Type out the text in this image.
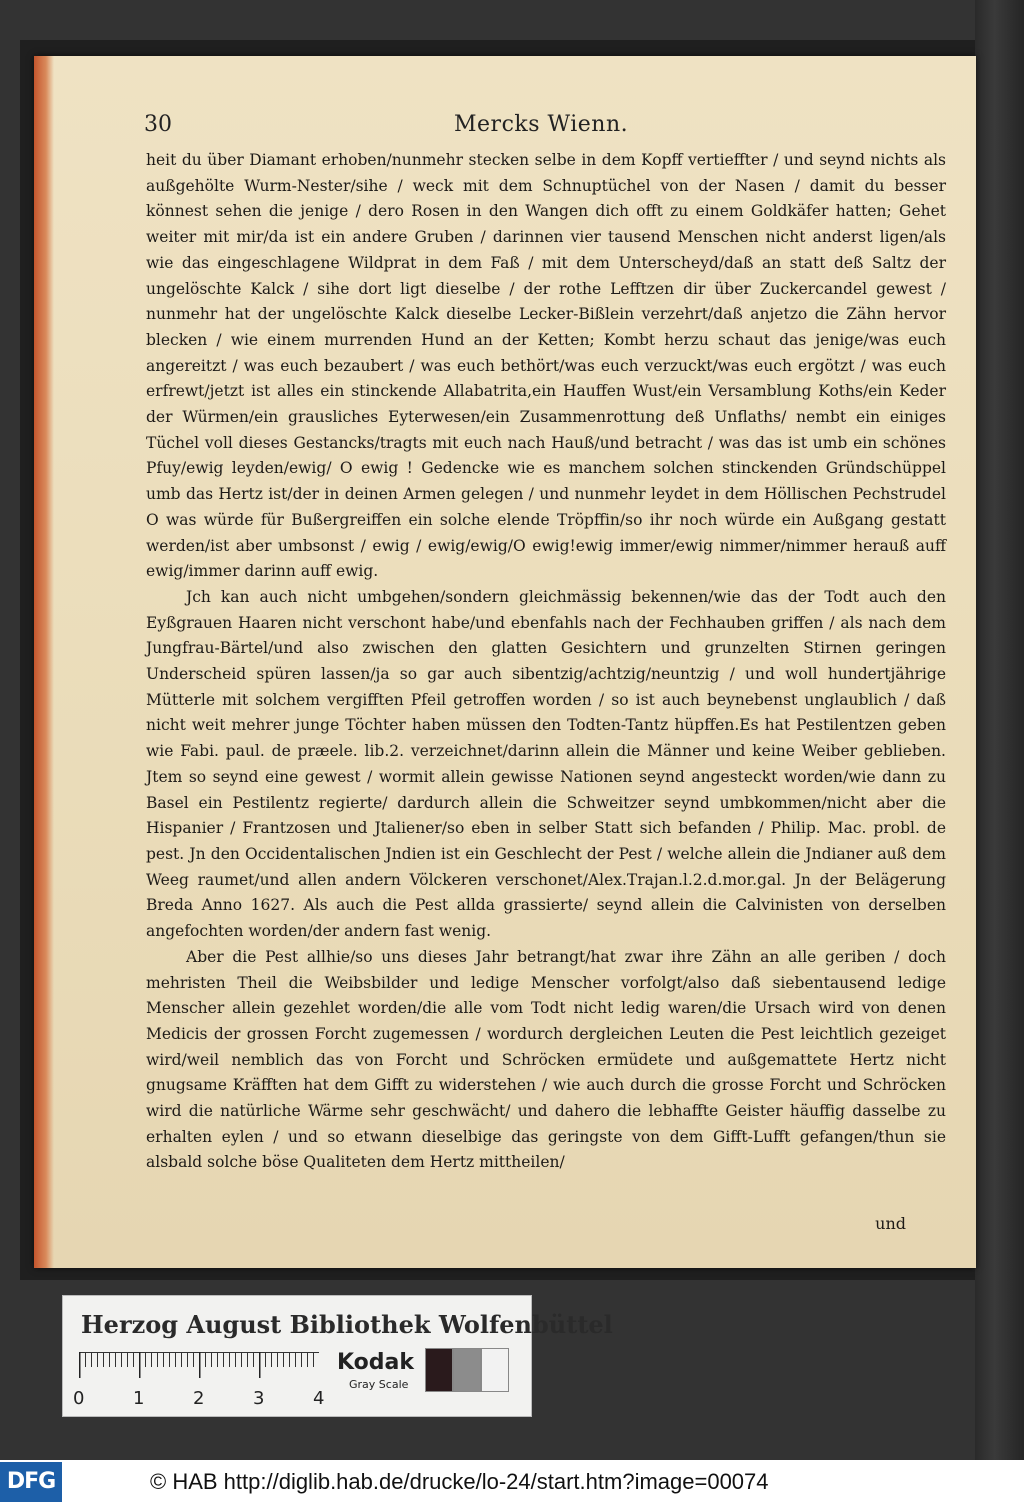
30	Mercks Wienn.

heit du über Diamant erhoben/nunmehr stecken selbe in dem Kopff vertieffter / und seynd nichts als außgehölte Wurm-Nester/sihe / weck mit dem Schnuptüchel von der Nasen / damit du besser könnest sehen die jenige / dero Rosen in den Wangen dich offt zu einem Goldkäfer hatten; Gehet weiter mit mir/da ist ein andere Gruben / darinnen vier tausend Menschen nicht anderst ligen/als wie das eingeschlagene Wildprat in dem Faß / mit dem Unterscheyd/daß an statt deß Saltz der ungelöschte Kalck / sihe dort ligt dieselbe / der rothe Lefftzen dir über Zuckercandel gewest / nunmehr hat der ungelöschte Kalck dieselbe Lecker-Bißlein verzehrt/daß anjetzo die Zähn hervor blecken / wie einem murrenden Hund an der Ketten; Kombt herzu schaut das jenige/was euch angereitzt / was euch bezaubert / was euch bethört/was euch verzuckt/was euch ergötzt / was euch erfrewt/jetzt ist alles ein stinckende Allabatrita,ein Hauffen Wust/ein Versamblung Koths/ein Keder der Würmen/ein grausliches Eyterwesen/ein Zusammenrottung deß Unflaths/ nembt ein einiges Tüchel voll dieses Gestancks/tragts mit euch nach Hauß/und betracht / was das ist umb ein schönes Pfuy/ewig leyden/ewig/ O ewig ! Gedencke wie es manchem solchen stinckenden Gründschüppel umb das Hertz ist/der in deinen Armen gelegen / und nunmehr leydet in dem Höllischen Pechstrudel O was würde für Bußergreiffen ein solche elende Tröpffin/so ihr noch würde ein Außgang gestatt werden/ist aber umbsonst / ewig / ewig/ewig/O ewig!ewig immer/ewig nimmer/nimmer herauß auff ewig/immer darinn auff ewig.

Jch kan auch nicht umbgehen/sondern gleichmässig bekennen/wie das der Todt auch den Eyßgrauen Haaren nicht verschont habe/und ebenfahls nach der Fechhauben griffen / als nach dem Jungfrau-Bärtel/und also zwischen den glatten Gesichtern und grunzelten Stirnen geringen Underscheid spüren lassen/ja so gar auch sibentzig/achtzig/neuntzig / und woll hundertjährige Mütterle mit solchem vergifften Pfeil getroffen worden / so ist auch beynebenst unglaublich / daß nicht weit mehrer junge Töchter haben müssen den Todten-Tantz hüpffen.Es hat Pestilentzen geben wie Fabi. paul. de præele. lib.2. verzeichnet/darinn allein die Männer und keine Weiber geblieben. Jtem so seynd eine gewest / wormit allein gewisse Nationen seynd angesteckt worden/wie dann zu Basel ein Pestilentz regierte/ dardurch allein die Schweitzer seynd umbkommen/nicht aber die Hispanier / Frantzosen und Jtaliener/so eben in selber Statt sich befanden / Philip. Mac. probl. de pest. Jn den Occidentalischen Jndien ist ein Geschlecht der Pest / welche allein die Jndianer auß dem Weeg raumet/und allen andern Völckeren verschonet/Alex.Trajan.l.2.d.mor.gal. Jn der Belägerung Breda Anno 1627. Als auch die Pest allda grassierte/ seynd allein die Calvinisten von derselben angefochten worden/der andern fast wenig.

Aber die Pest allhie/so uns dieses Jahr betrangt/hat zwar ihre Zähn an alle geriben / doch mehristen Theil die Weibsbilder und ledige Menscher vorfolgt/also daß siebentausend ledige Menscher allein gezehlet worden/die alle vom Todt nicht ledig waren/die Ursach wird von denen Medicis der grossen Forcht zugemessen / wordurch dergleichen Leuten die Pest leichtlich gezeiget wird/weil nemblich das von Forcht und Schröcken ermüdete und außgemattete Hertz nicht gnugsame Kräfften hat dem Gifft zu widerstehen / wie auch durch die grosse Forcht und Schröcken wird die natürliche Wärme sehr geschwächt/ und dahero die lebhaffte Geister häuffig dasselbe zu erhalten eylen / und so etwann dieselbige das geringste von dem Gifft-Lufft gefangen/thun sie alsbald solche böse Qualiteten dem Hertz mittheilen/

und
Herzog August Bibliothek Wolfenbüttel
0	1	2	3	4
Kodak
Gray Scale
DFG	© HAB http://diglib.hab.de/drucke/lo-24/start.htm?image=00074
